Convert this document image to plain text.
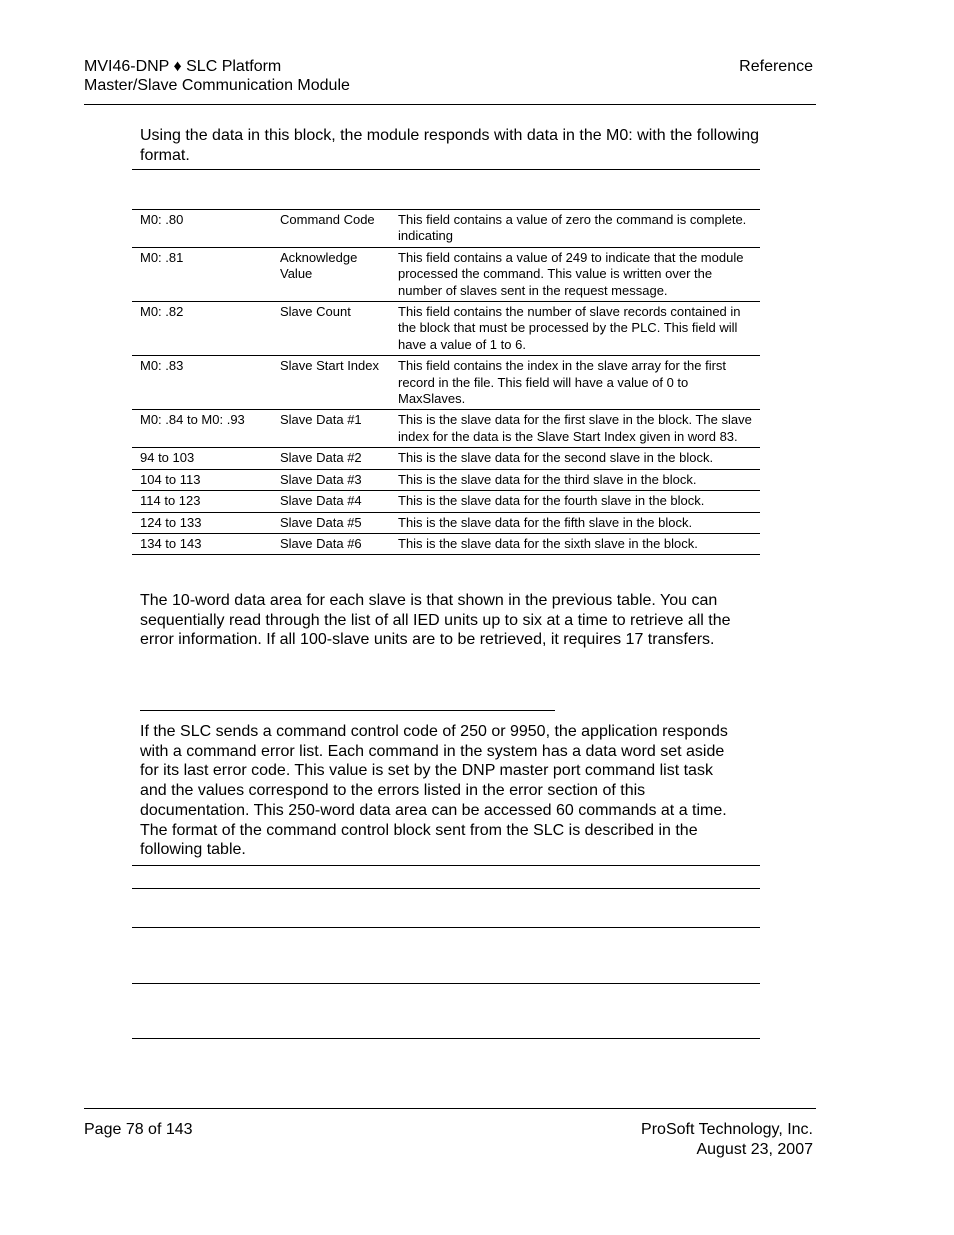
MVI46-DNP ♦ SLC Platform
Master/Slave Communication Module
Reference
Using the data in this block, the module responds with data in the M0: with the following format.
M0: .80	Command Code	This field contains a value of zero the command is complete. indicating
M0: .81	Acknowledge Value	This field contains a value of 249 to indicate that the module processed the command. This value is written over the number of slaves sent in the request message.
M0: .82	Slave Count	This field contains the number of slave records contained in the block that must be processed by the PLC. This field will have a value of 1 to 6.
M0: .83	Slave Start Index	This field contains the index in the slave array for the first record in the file. This field will have a value of 0 to MaxSlaves.
M0: .84 to M0: .93	Slave Data #1	This is the slave data for the first slave in the block. The slave index for the data is the Slave Start Index given in word 83.
94 to 103	Slave Data #2	This is the slave data for the second slave in the block.
104 to 113	Slave Data #3	This is the slave data for the third slave in the block.
114 to 123	Slave Data #4	This is the slave data for the fourth slave in the block.
124 to 133	Slave Data #5	This is the slave data for the fifth slave in the block.
134 to 143	Slave Data #6	This is the slave data for the sixth slave in the block.
The 10-word data area for each slave is that shown in the previous table. You can sequentially read through the list of all IED units up to six at a time to retrieve all the error information. If all 100-slave units are to be retrieved, it requires 17 transfers.
If the SLC sends a command control code of 250 or 9950, the application responds with a command error list. Each command in the system has a data word set aside for its last error code. This value is set by the DNP master port command list task and the values correspond to the errors listed in the error section of this documentation. This 250-word data area can be accessed 60 commands at a time. The format of the command control block sent from the SLC is described in the following table.
Page 78 of 143	ProSoft Technology, Inc.
August 23, 2007
